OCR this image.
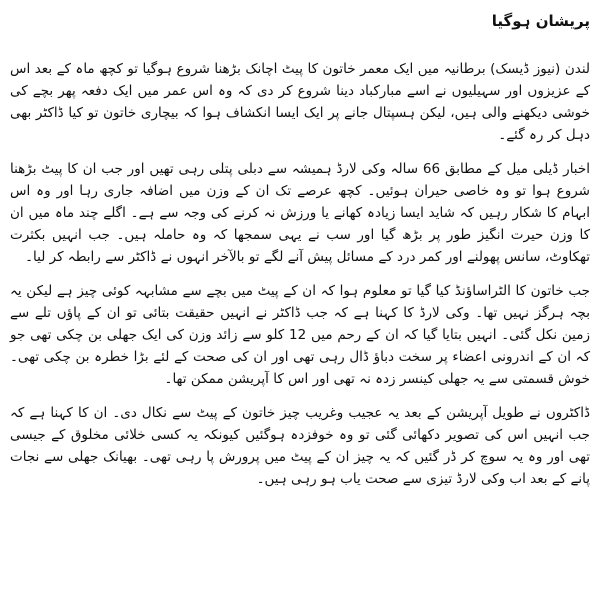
پریشان ہوگیا

لندن (نیوز ڈیسک) برطانیہ میں ایک معمر خاتون کا پیٹ اچانک بڑھنا شروع ہوگیا تو کچھ ماہ کے بعد اس کے عزیزوں اور سہیلیوں نے اسے مبارکباد دینا شروع کر دی کہ وہ اس عمر میں ایک دفعہ پھر بچے کی خوشی دیکھنے والی ہیں، لیکن ہسپتال جانے پر ایک ایسا انکشاف ہوا کہ بیچاری خاتون تو کیا ڈاکٹر بھی دہل کر رہ گئے۔

اخبار ڈیلی میل کے مطابق 66 سالہ وکی لارڈ ہمیشہ سے دبلی پتلی رہی تھیں اور جب ان کا پیٹ بڑھنا شروع ہوا تو وہ خاصی حیران ہوئیں۔ کچھ عرصے تک ان کے وزن میں اضافہ جاری رہا اور وہ اس ابہام کا شکار رہیں کہ شاید ایسا زیادہ کھانے یا ورزش نہ کرنے کی وجہ سے ہے۔ اگلے چند ماہ میں ان کا وزن حیرت انگیز طور پر بڑھ گیا اور سب نے یہی سمجھا کہ وہ حاملہ ہیں۔ جب انہیں بکثرت تھکاوٹ، سانس پھولنے اور کمر درد کے مسائل پیش آنے لگے تو بالآخر انہوں نے ڈاکٹر سے رابطہ کر لیا۔

جب خاتون کا الٹراساؤنڈ کیا گیا تو معلوم ہوا کہ ان کے پیٹ میں بچے سے مشابہہ کوئی چیز ہے لیکن یہ بچہ ہرگز نہیں تھا۔ وکی لارڈ کا کہنا ہے کہ جب ڈاکٹر نے انہیں حقیقت بتائی تو ان کے پاؤں تلے سے زمین نکل گئی۔ انہیں بتایا گیا کہ ان کے رحم میں 12 کلو سے زائد وزن کی ایک جھلی بن چکی تھی جو کہ ان کے اندرونی اعضاء پر سخت دباؤ ڈال رہی تھی اور ان کی صحت کے لئے بڑا خطرہ بن چکی تھی۔ خوش قسمتی سے یہ جھلی کینسر زدہ نہ تھی اور اس کا آپریشن ممکن تھا۔

ڈاکٹروں نے طویل آپریشن کے بعد یہ عجیب وغریب چیز خاتون کے پیٹ سے نکال دی۔ ان کا کہنا ہے کہ جب انہیں اس کی تصویر دکھائی گئی تو وہ خوفزدہ ہوگئیں کیونکہ یہ کسی خلائی مخلوق کے جیسی تھی اور وہ یہ سوچ کر ڈر گئیں کہ یہ چیز ان کے پیٹ میں پرورش پا رہی تھی۔ بھیانک جھلی سے نجات پانے کے بعد اب وکی لارڈ تیزی سے صحت یاب ہو رہی ہیں۔
